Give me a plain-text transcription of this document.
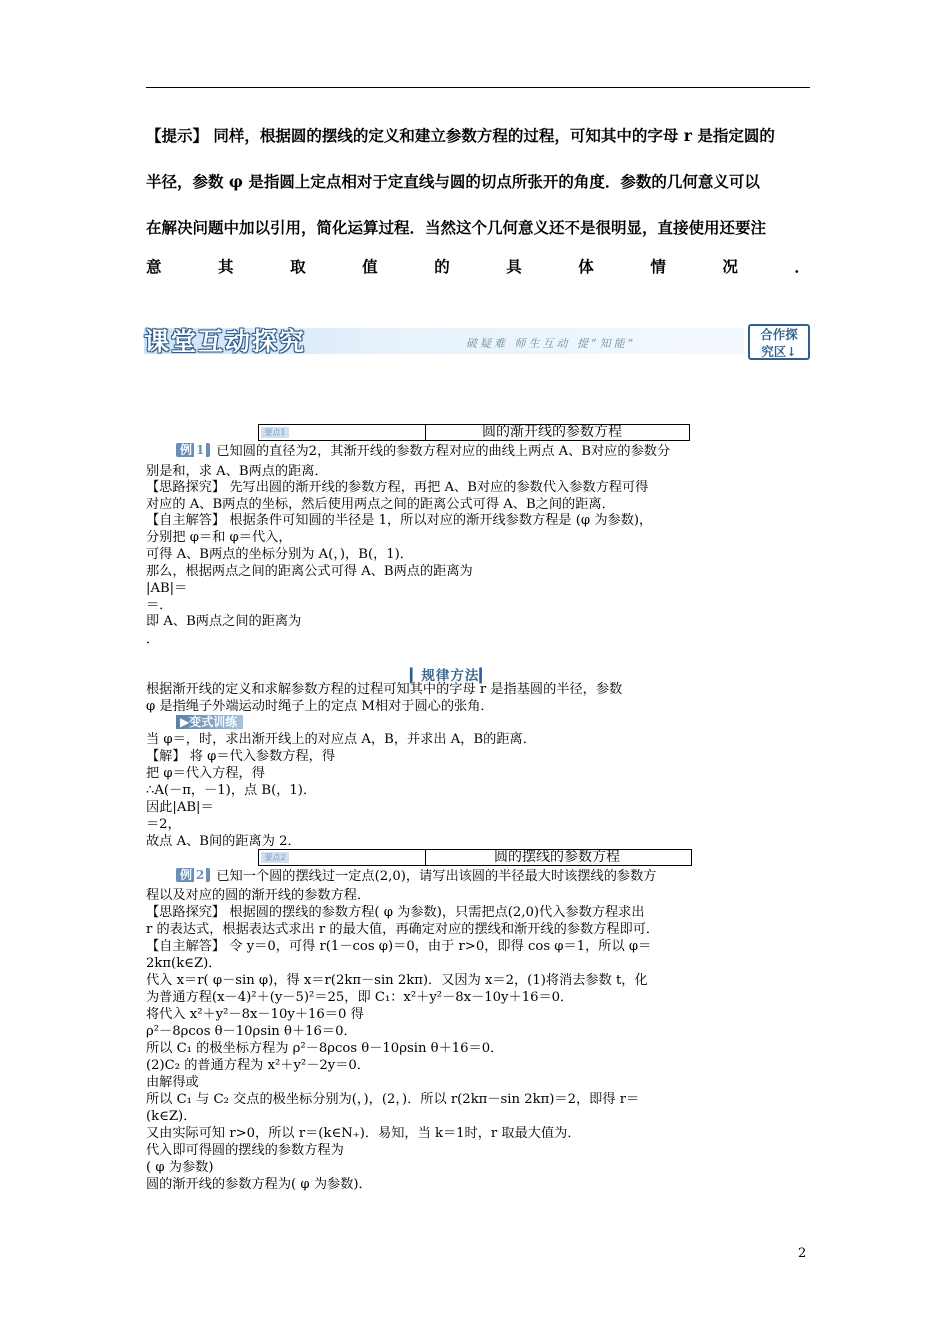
【提示】 同样，根据圆的摆线的定义和建立参数方程的过程，可知其中的字母 r 是指定圆的
半径，参数 φ 是指圆上定点相对于定直线与圆的切点所张开的角度．参数的几何意义可以
在解决问题中加以引用，简化运算过程．当然这个几何意义还不是很明显，直接使用还要注
意	其	取	值	的	具	体	情	况	．
课堂互动探究	破疑难 师生互动 提“知能”
合作探
究区↓
要点1	圆的渐开线的参数方程
例 1 已知圆的直径为2，其渐开线的参数方程对应的曲线上两点 A、B对应的参数分
别是和，求 A、B两点的距离．
【思路探究】 先写出圆的渐开线的参数方程，再把 A、B对应的参数代入参数方程可得
对应的 A、B两点的坐标，然后使用两点之间的距离公式可得 A、B之间的距离．
【自主解答】 根据条件可知圆的半径是 1，所以对应的渐开线参数方程是 (φ 为参数)，
分别把 φ＝和 φ＝代入，
可得 A、B两点的坐标分别为 A(，)，B(，1)．
那么，根据两点之间的距离公式可得 A、B两点的距离为
|AB|＝
＝．
即 A、B两点之间的距离为
．
▎规律方法▎
根据渐开线的定义和求解参数方程的过程可知其中的字母 r 是指基圆的半径，参数
φ 是指绳子外端运动时绳子上的定点 M相对于圆心的张角．
▶变式训练
当 φ＝，时，求出渐开线上的对应点 A，B，并求出 A，B的距离．
【解】 将 φ＝代入参数方程，得
把 φ＝代入方程，得
∴A(－π，－1)，点 B(，1)．
因此|AB|＝
＝2，
故点 A、B间的距离为 2．
要点2	圆的摆线的参数方程
例 2 已知一个圆的摆线过一定点(2,0)，请写出该圆的半径最大时该摆线的参数方
程以及对应的圆的渐开线的参数方程．
【思路探究】 根据圆的摆线的参数方程( φ 为参数)，只需把点(2,0)代入参数方程求出
r 的表达式，根据表达式求出 r 的最大值，再确定对应的摆线和渐开线的参数方程即可．
【自主解答】 令 y＝0，可得 r(1－cos φ)＝0，由于 r>0，即得 cos φ＝1，所以 φ＝
2kπ(k∈Z)．
代入 x＝r( φ－sin φ)，得 x＝r(2kπ－sin 2kπ)．又因为 x＝2，(1)将消去参数 t，化
为普通方程(x－4)²＋(y－5)²＝25，即 C₁：x²＋y²－8x－10y＋16＝0．
将代入 x²＋y²－8x－10y＋16＝0 得
ρ²－8ρcos θ－10ρsin θ＋16＝0．
所以 C₁ 的极坐标方程为 ρ²－8ρcos θ－10ρsin θ＋16＝0．
(2)C₂ 的普通方程为 x²＋y²－2y＝0．
由解得或
所以 C₁ 与 C₂ 交点的极坐标分别为(，)，(2，)．所以 r(2kπ－sin 2kπ)＝2，即得 r＝
(k∈Z)．
又由实际可知 r>0，所以 r＝(k∈N₊)．易知，当 k＝1时，r 取最大值为．
代入即可得圆的摆线的参数方程为
( φ 为参数)
圆的渐开线的参数方程为( φ 为参数)．
2
